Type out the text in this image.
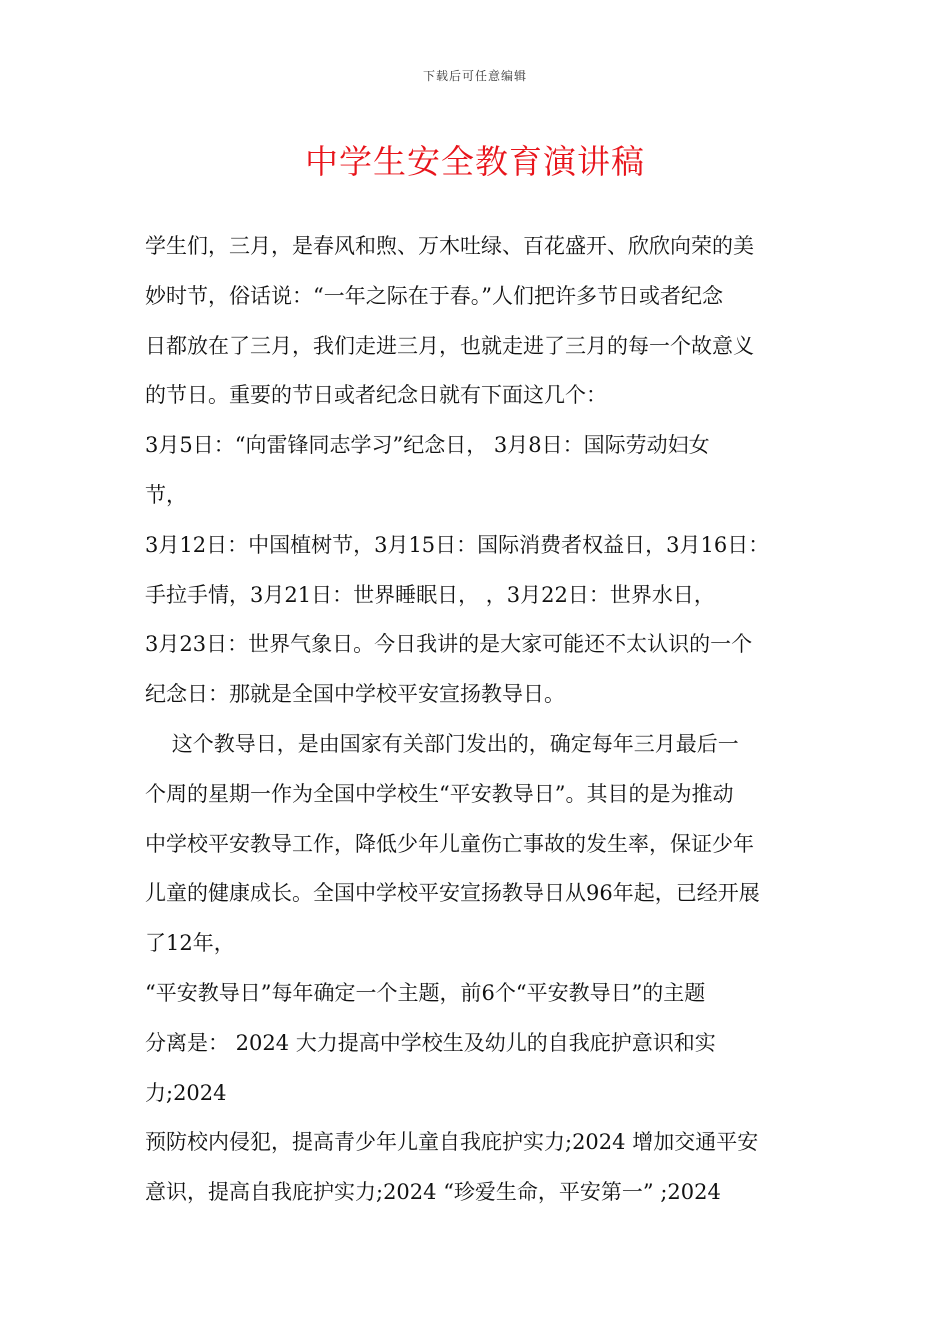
下载后可任意编辑
中学生安全教育演讲稿
学生们，三月，是春风和煦、万木吐绿、百花盛开、欣欣向荣的美
妙时节，俗话说：“一年之际在于春。”人们把许多节日或者纪念
日都放在了三月，我们走进三月，也就走进了三月的每一个故意义
的节日。重要的节日或者纪念日就有下面这几个：
3月5日：“向雷锋同志学习”纪念日， 3月8日：国际劳动妇女
节，
3月12日：中国植树节，3月15日：国际消费者权益日，3月16日：
手拉手情，3月21日：世界睡眠日， ，3月22日：世界水日，
3月23日：世界气象日。今日我讲的是大家可能还不太认识的一个
纪念日：那就是全国中学校平安宣扬教导日。
这个教导日，是由国家有关部门发出的，确定每年三月最后一
个周的星期一作为全国中学校生“平安教导日”。其目的是为推动
中学校平安教导工作，降低少年儿童伤亡事故的发生率，保证少年
儿童的健康成长。全国中学校平安宣扬教导日从96年起，已经开展
了12年，
“平安教导日”每年确定一个主题，前6个“平安教导日”的主题
分离是： 2024 大力提高中学校生及幼儿的自我庇护意识和实
力;2024
预防校内侵犯，提高青少年儿童自我庇护实力;2024 增加交通平安
意识，提高自我庇护实力;2024 “珍爱生命，平安第一” ;2024
